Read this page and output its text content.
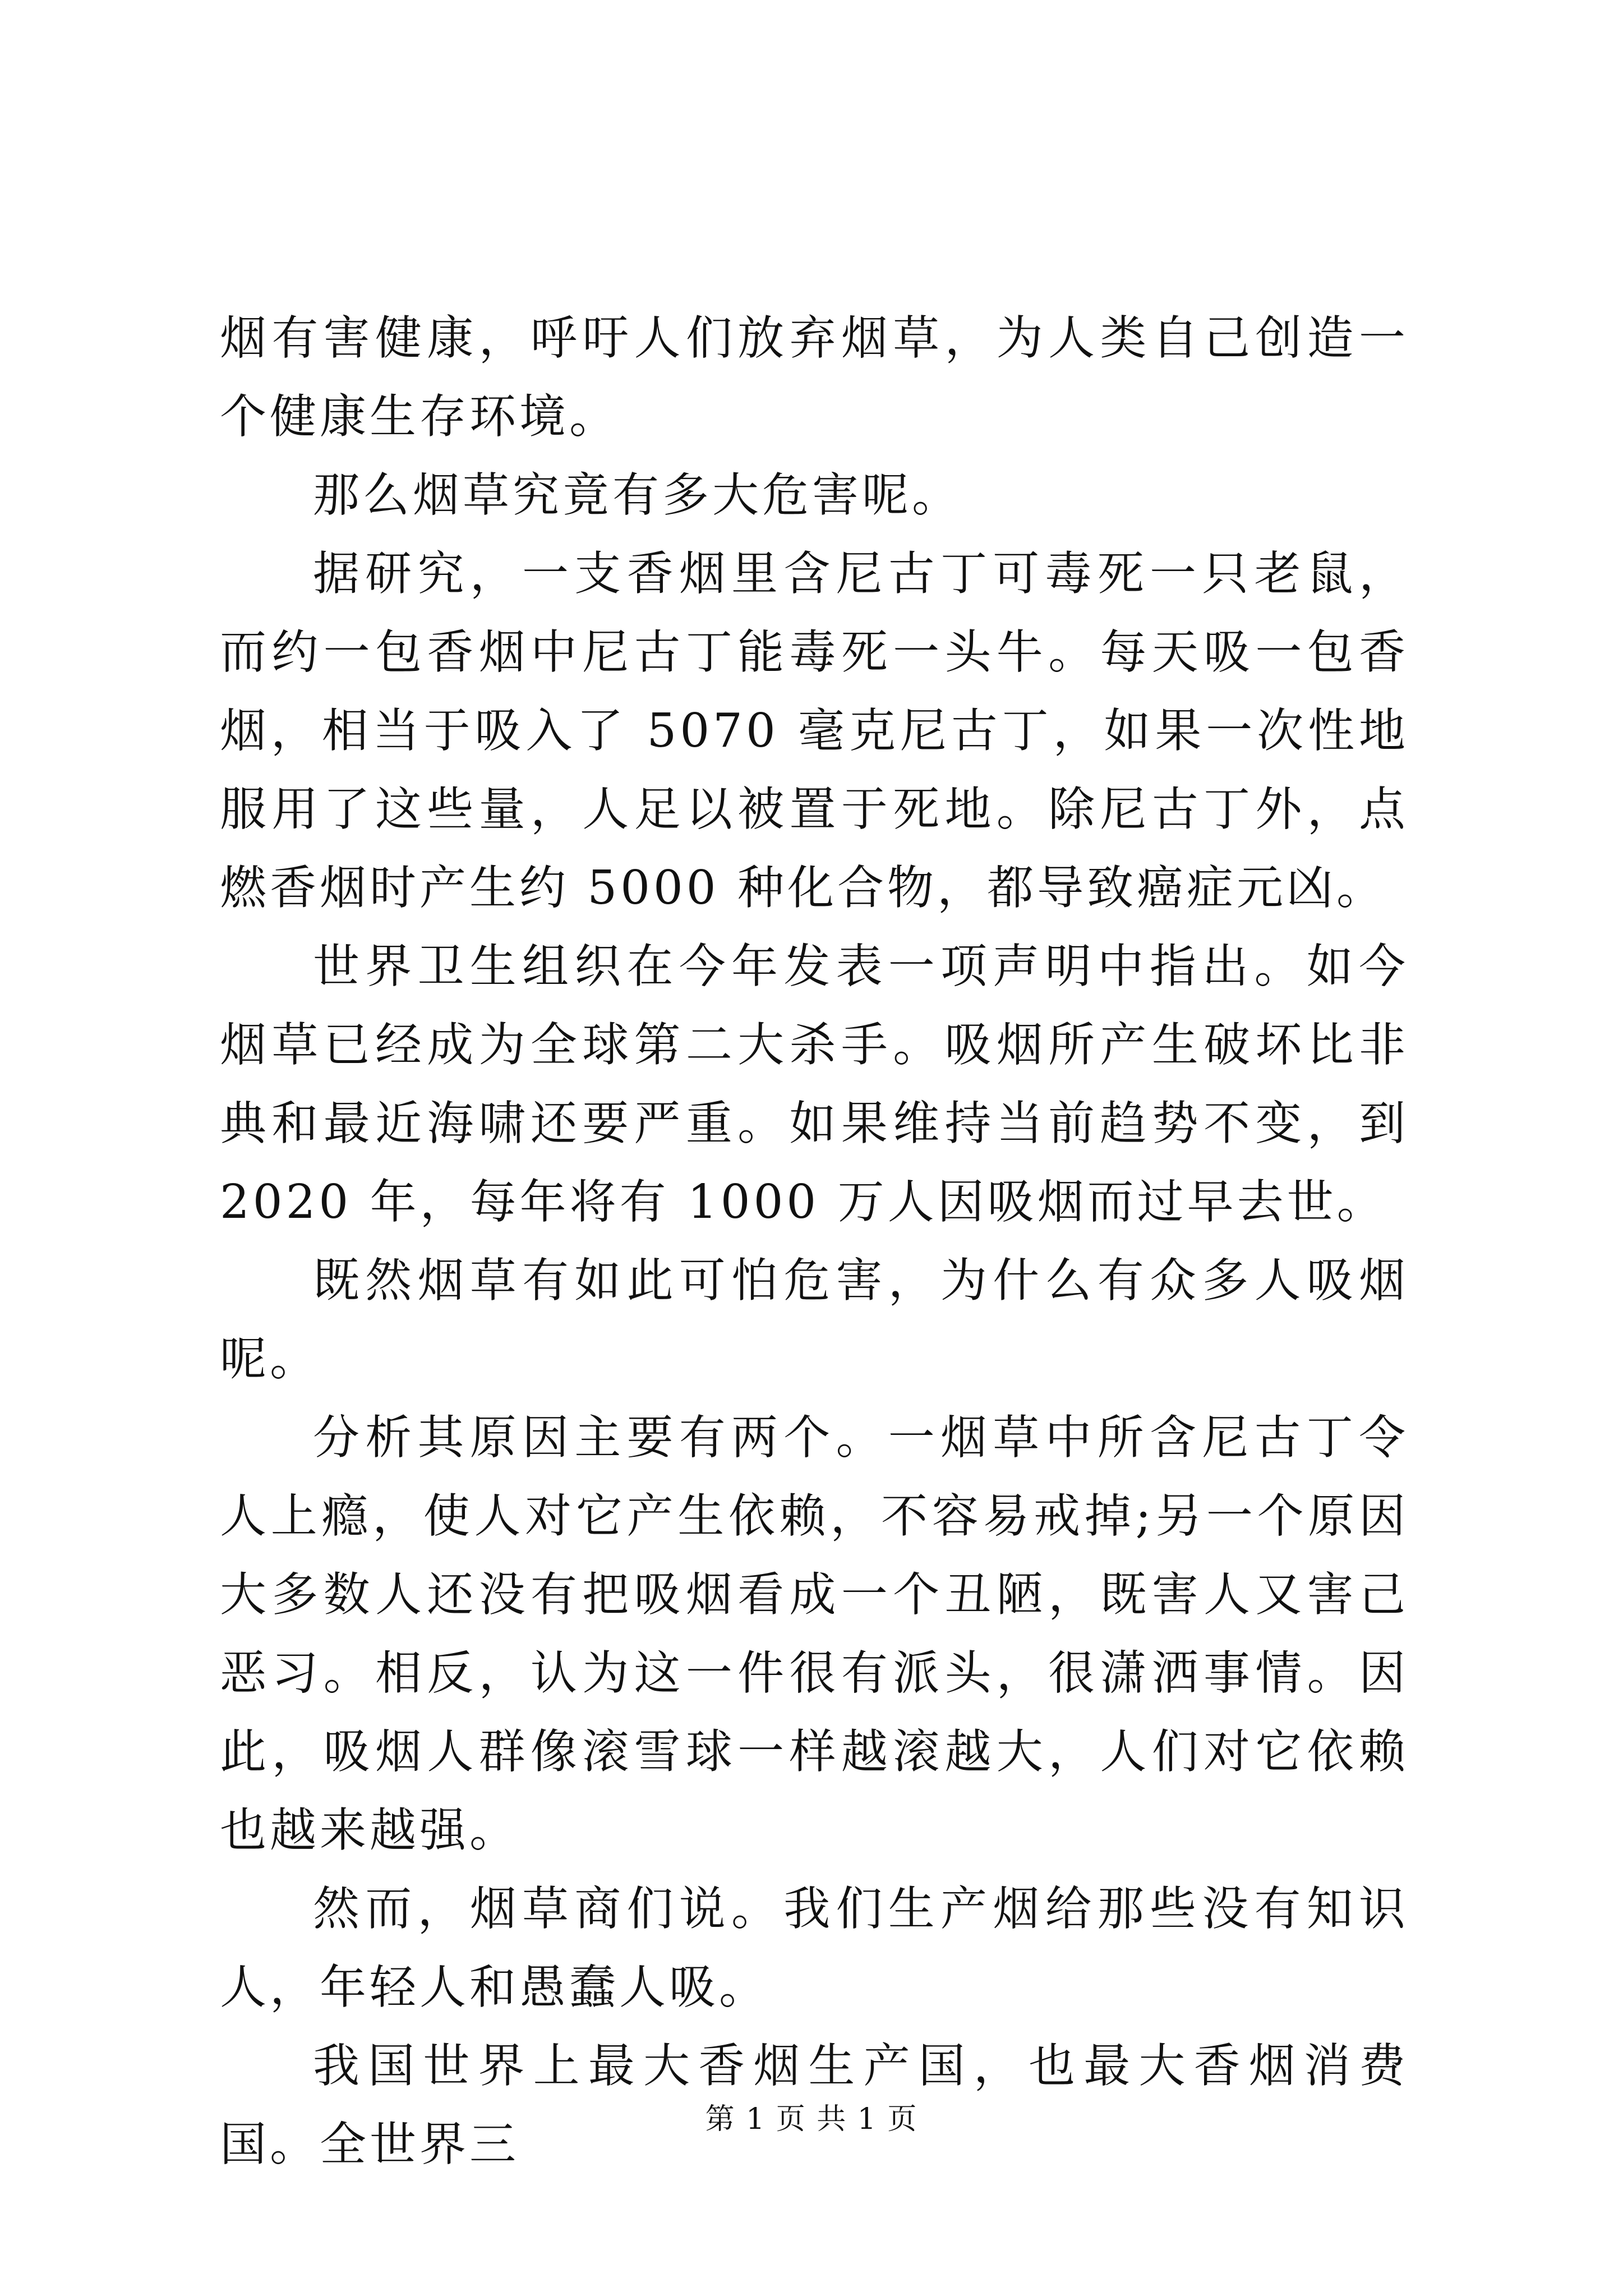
烟有害健康，呼吁人们放弃烟草，为人类自己创造一个健康生存环境。

那么烟草究竟有多大危害呢。

据研究，一支香烟里含尼古丁可毒死一只老鼠，而约一包香烟中尼古丁能毒死一头牛。每天吸一包香烟，相当于吸入了 5070 毫克尼古丁，如果一次性地服用了这些量，人足以被置于死地。除尼古丁外，点燃香烟时产生约 5000 种化合物，都导致癌症元凶。

世界卫生组织在今年发表一项声明中指出。如今烟草已经成为全球第二大杀手。吸烟所产生破坏比非典和最近海啸还要严重。如果维持当前趋势不变，到 2020 年，每年将有 1000 万人因吸烟而过早去世。

既然烟草有如此可怕危害，为什么有众多人吸烟呢。

分析其原因主要有两个。一烟草中所含尼古丁令人上瘾，使人对它产生依赖，不容易戒掉;另一个原因大多数人还没有把吸烟看成一个丑陋，既害人又害己恶习。相反，认为这一件很有派头，很潇洒事情。因此，吸烟人群像滚雪球一样越滚越大，人们对它依赖也越来越强。

然而，烟草商们说。我们生产烟给那些没有知识人，年轻人和愚蠢人吸。

我国世界上最大香烟生产国，也最大香烟消费国。全世界三	第 1 页 共 1 页
